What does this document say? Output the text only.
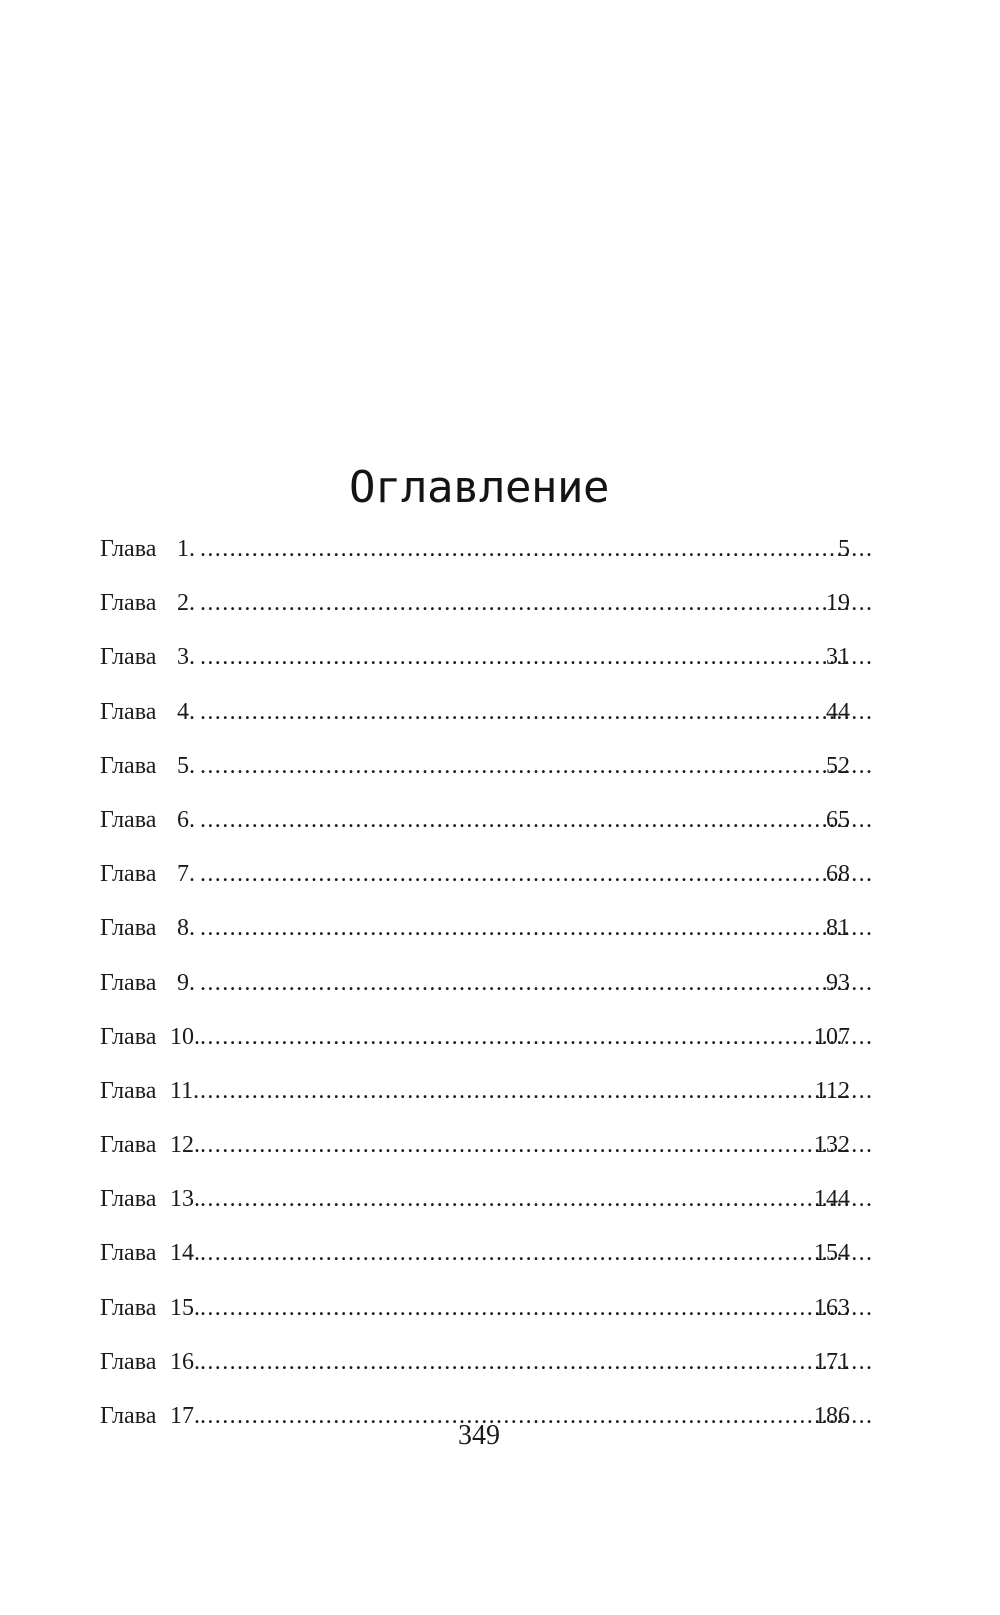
Оглавление
Глава 1. . . .	5
Глава 2. . . .	19
Глава 3. . . .	31
Глава 4. . . .	44
Глава 5. . . .	52
Глава 6. . . .	65
Глава 7. . . .	68
Глава 8. . . .	81
Глава 9. . . .	93
Глава 10. . . .	107
Глава 11. . . .	112
Глава 12. . . .	132
Глава 13. . . .	144
Глава 14. . . .	154
Глава 15. . . .	163
Глава 16. . . .	171
Глава 17. . . .	186
349
